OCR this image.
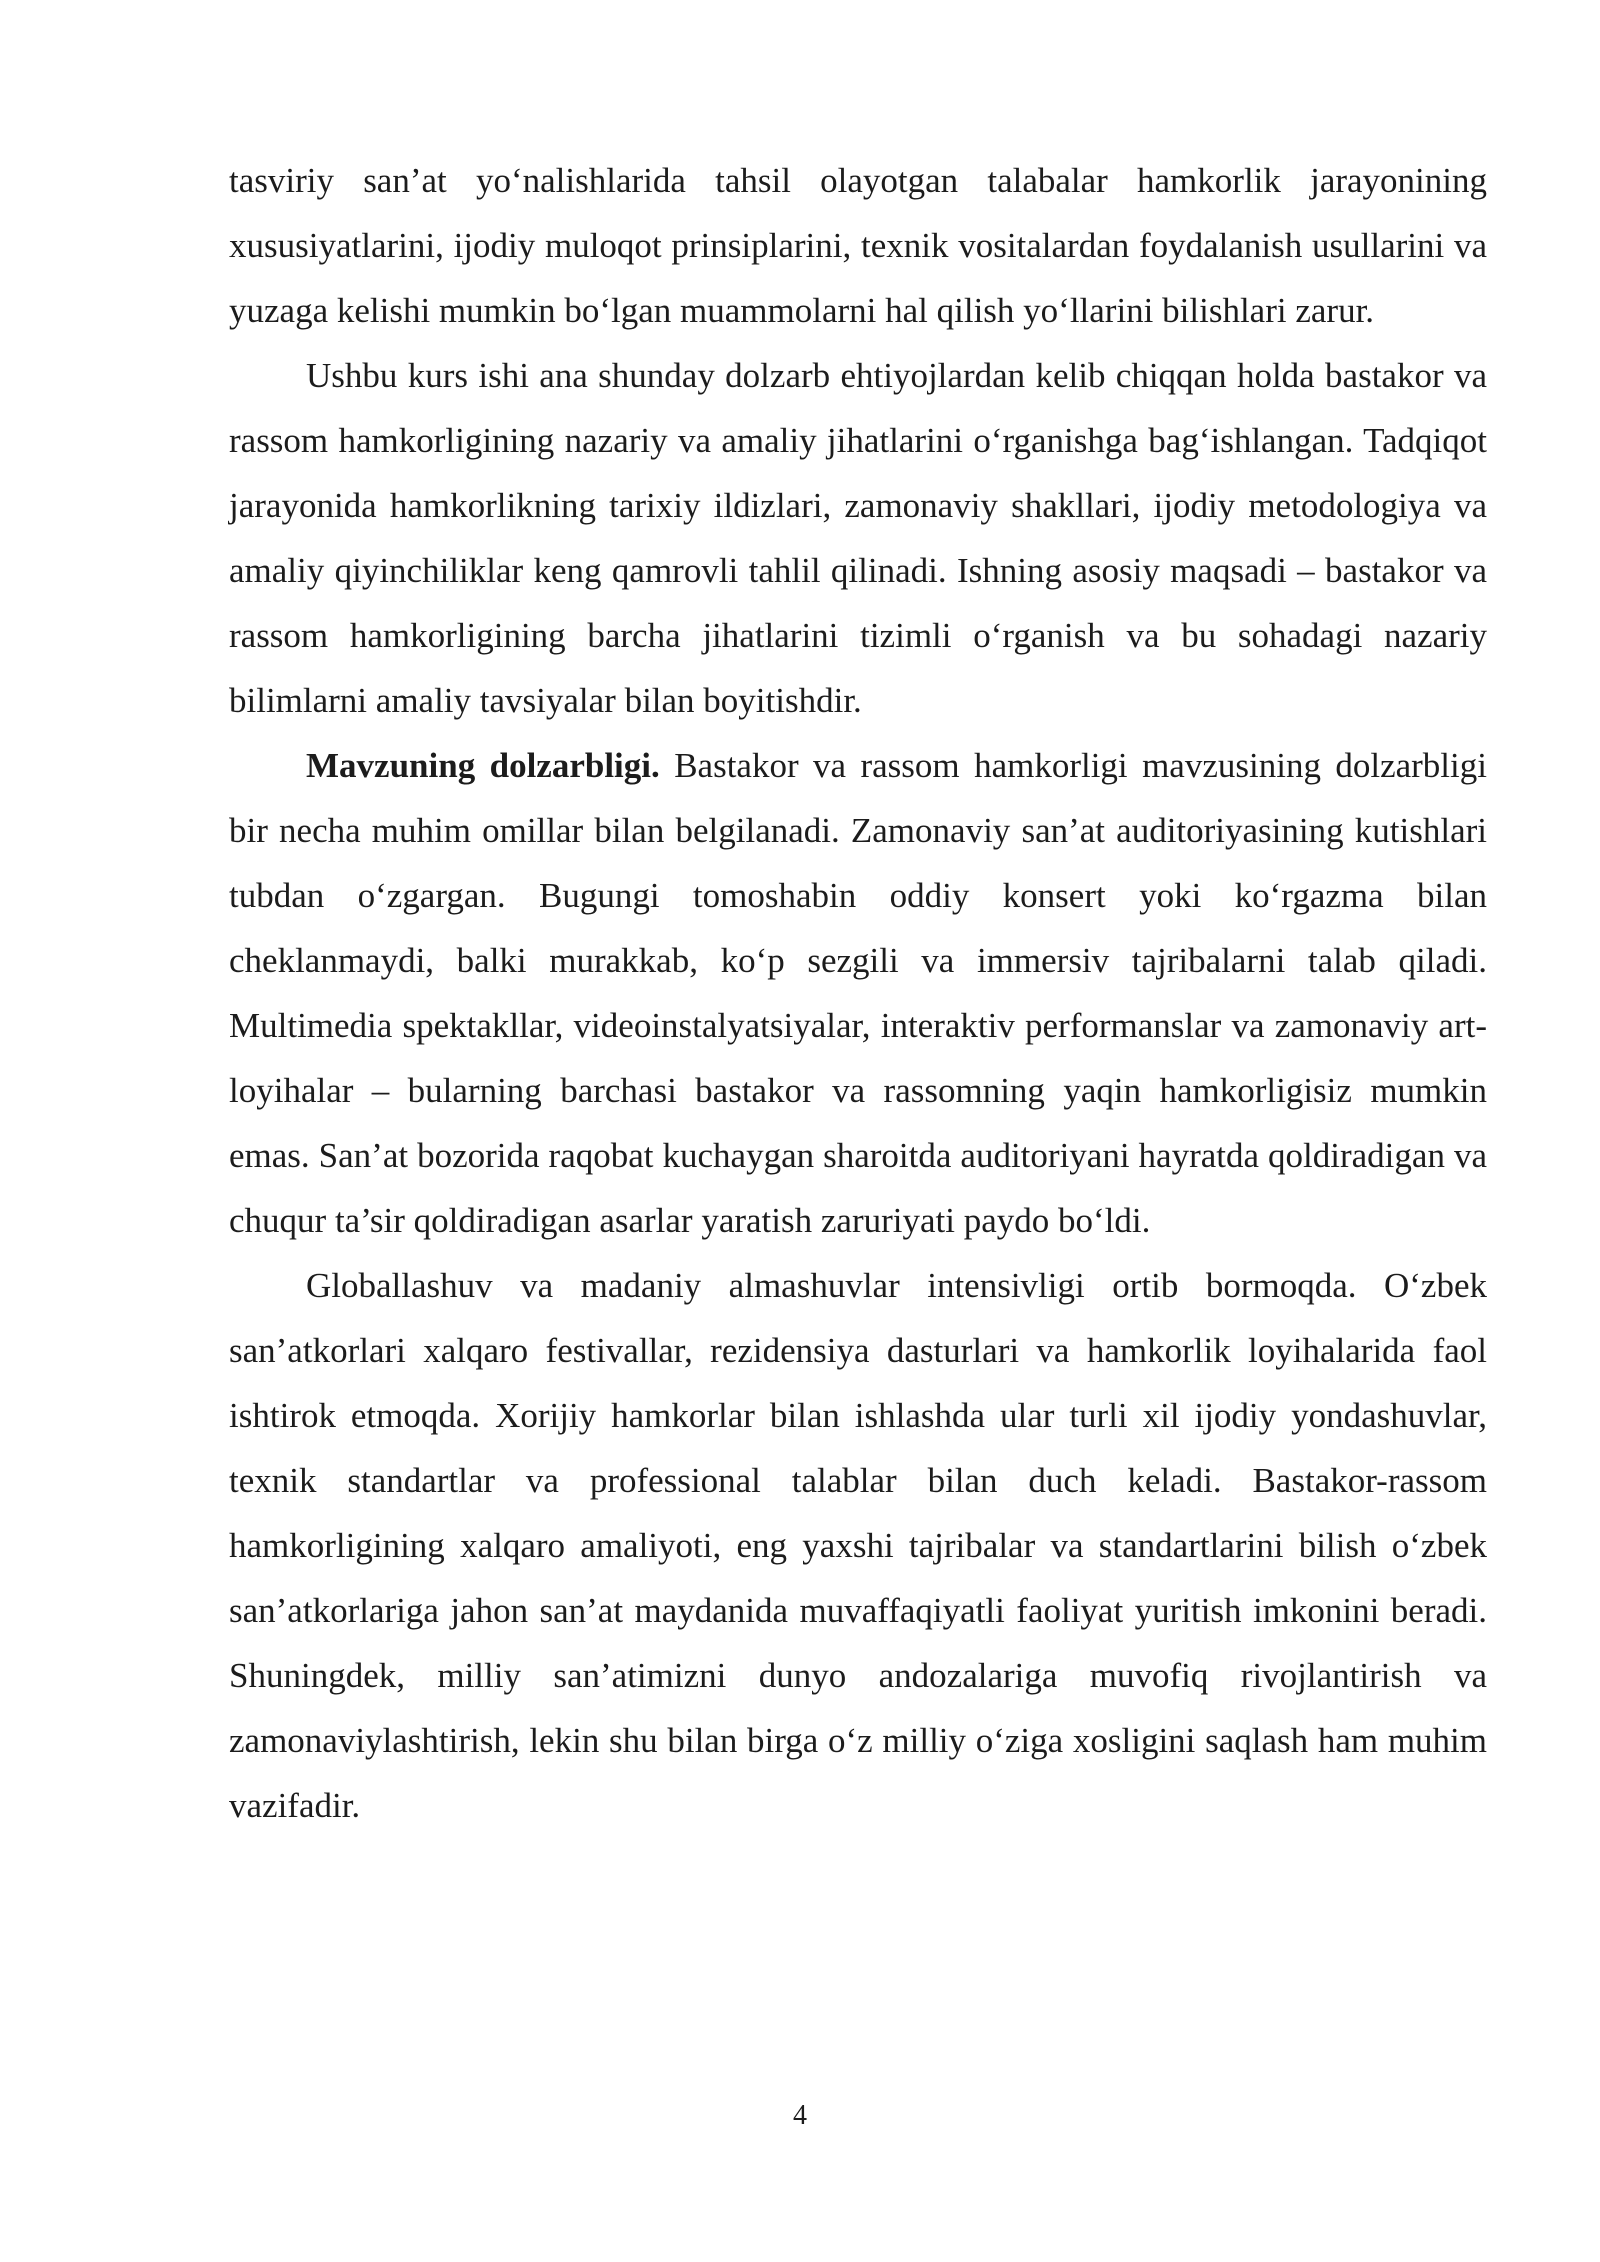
tasviriy san’at yo‘nalishlarida tahsil olayotgan talabalar hamkorlik jarayonining xususiyatlarini, ijodiy muloqot prinsiplarini, texnik vositalardan foydalanish usullarini va yuzaga kelishi mumkin bo‘lgan muammolarni hal qilish yo‘llarini bilishlari zarur.

Ushbu kurs ishi ana shunday dolzarb ehtiyojlardan kelib chiqqan holda bastakor va rassom hamkorligining nazariy va amaliy jihatlarini o‘rganishga bag‘ishlangan. Tadqiqot jarayonida hamkorlikning tarixiy ildizlari, zamonaviy shakllari, ijodiy metodologiya va amaliy qiyinchiliklar keng qamrovli tahlil qilinadi. Ishning asosiy maqsadi – bastakor va rassom hamkorligining barcha jihatlarini tizimli o‘rganish va bu sohadagi nazariy bilimlarni amaliy tavsiyalar bilan boyitishdir.

Mavzuning dolzarbligi. Bastakor va rassom hamkorligi mavzusining dolzarbligi bir necha muhim omillar bilan belgilanadi. Zamonaviy san’at auditoriyasining kutishlari tubdan o‘zgargan. Bugungi tomoshabin oddiy konsert yoki ko‘rgazma bilan cheklanmaydi, balki murakkab, ko‘p sezgili va immersiv tajribalarni talab qiladi. Multimedia spektakllar, videoinstalyatsiyalar, interaktiv performanslar va zamonaviy art-loyihalar – bularning barchasi bastakor va rassomning yaqin hamkorligisiz mumkin emas. San’at bozorida raqobat kuchaygan sharoitda auditoriyani hayratda qoldiradigan va chuqur ta’sir qoldiradigan asarlar yaratish zaruriyati paydo bo‘ldi.

Globallashuv va madaniy almashuvlar intensivligi ortib bormoqda. O‘zbek san’atkorlari xalqaro festivallar, rezidensiya dasturlari va hamkorlik loyihalarida faol ishtirok etmoqda. Xorijiy hamkorlar bilan ishlashda ular turli xil ijodiy yondashuvlar, texnik standartlar va professional talablar bilan duch keladi. Bastakor-rassom hamkorligining xalqaro amaliyoti, eng yaxshi tajribalar va standartlarini bilish o‘zbek san’atkorlariga jahon san’at maydanida muvaffaqiyatli faoliyat yuritish imkonini beradi. Shuningdek, milliy san’atimizni dunyo andozalariga muvofiq rivojlantirish va zamonaviylashtirish, lekin shu bilan birga o‘z milliy o‘ziga xosligini saqlash ham muhim vazifadir.

4
